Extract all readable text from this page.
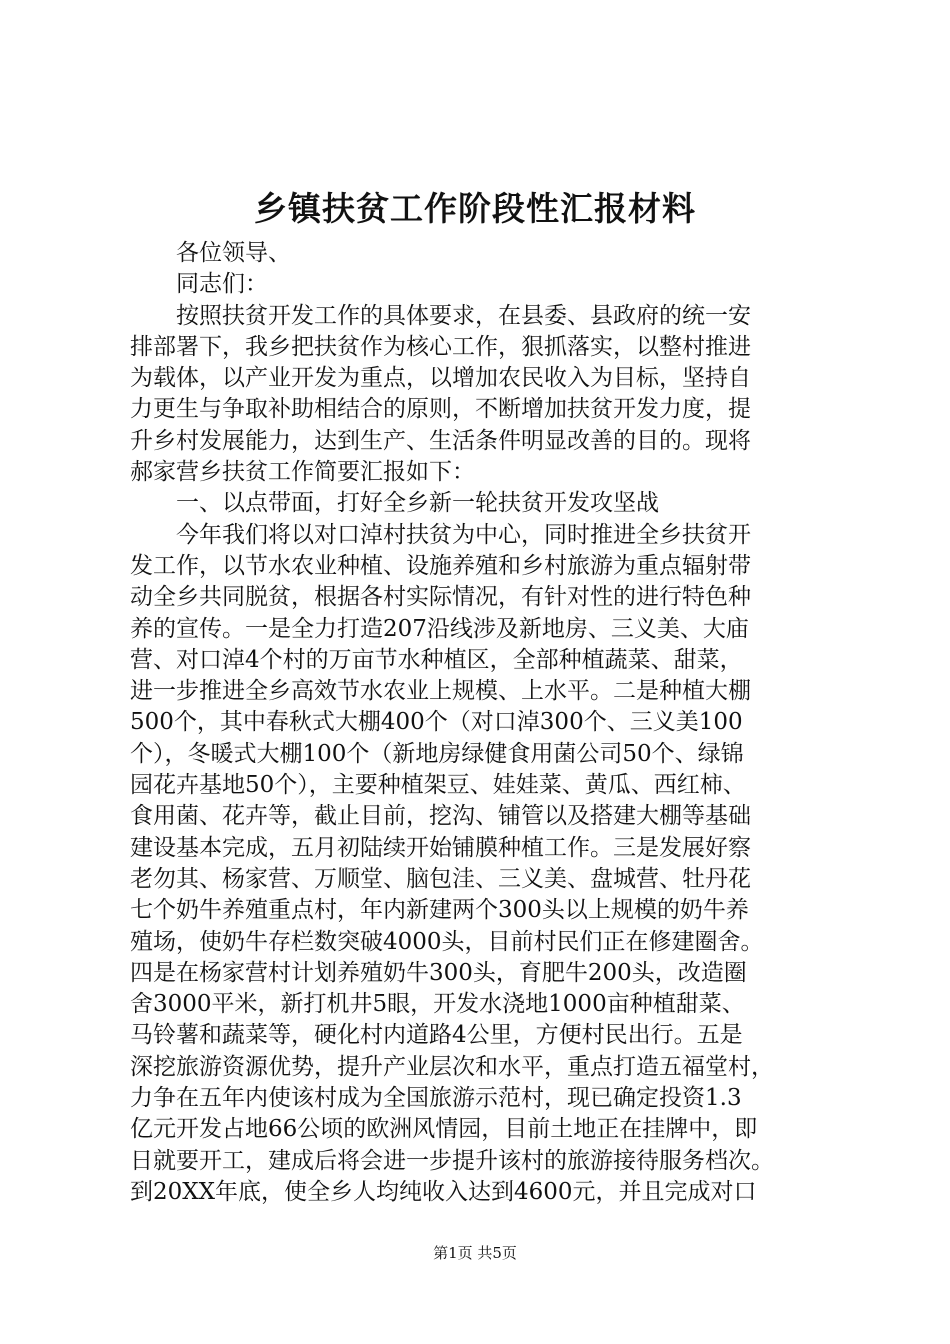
乡镇扶贫工作阶段性汇报材料
　　各位领导、
　　同志们：
　　按照扶贫开发工作的具体要求，在县委、县政府的统一安
排部署下，我乡把扶贫作为核心工作，狠抓落实，以整村推进
为载体，以产业开发为重点，以增加农民收入为目标，坚持自
力更生与争取补助相结合的原则，不断增加扶贫开发力度，提
升乡村发展能力，达到生产、生活条件明显改善的目的。现将
郝家营乡扶贫工作简要汇报如下：
　　一、以点带面，打好全乡新一轮扶贫开发攻坚战
　　今年我们将以对口淖村扶贫为中心，同时推进全乡扶贫开
发工作，以节水农业种植、设施养殖和乡村旅游为重点辐射带
动全乡共同脱贫，根据各村实际情况，有针对性的进行特色种
养的宣传。一是全力打造207沿线涉及新地房、三义美、大庙
营、对口淖4个村的万亩节水种植区，全部种植蔬菜、甜菜，
进一步推进全乡高效节水农业上规模、上水平。二是种植大棚
500个，其中春秋式大棚400个（对口淖300个、三义美100
个），冬暖式大棚100个（新地房绿健食用菌公司50个、绿锦
园花卉基地50个），主要种植架豆、娃娃菜、黄瓜、西红柿、
食用菌、花卉等，截止目前，挖沟、铺管以及搭建大棚等基础
建设基本完成，五月初陆续开始铺膜种植工作。三是发展好察
老勿其、杨家营、万顺堂、脑包洼、三义美、盘城营、牡丹花
七个奶牛养殖重点村，年内新建两个300头以上规模的奶牛养
殖场，使奶牛存栏数突破4000头，目前村民们正在修建圈舍。
四是在杨家营村计划养殖奶牛300头，育肥牛200头，改造圈
舍3000平米，新打机井5眼，开发水浇地1000亩种植甜菜、
马铃薯和蔬菜等，硬化村内道路4公里，方便村民出行。五是
深挖旅游资源优势，提升产业层次和水平，重点打造五福堂村，
力争在五年内使该村成为全国旅游示范村，现已确定投资1.3
亿元开发占地66公顷的欧洲风情园，目前土地正在挂牌中，即
日就要开工，建成后将会进一步提升该村的旅游接待服务档次。
到20XX年底，使全乡人均纯收入达到4600元，并且完成对口
第1页 共5页
